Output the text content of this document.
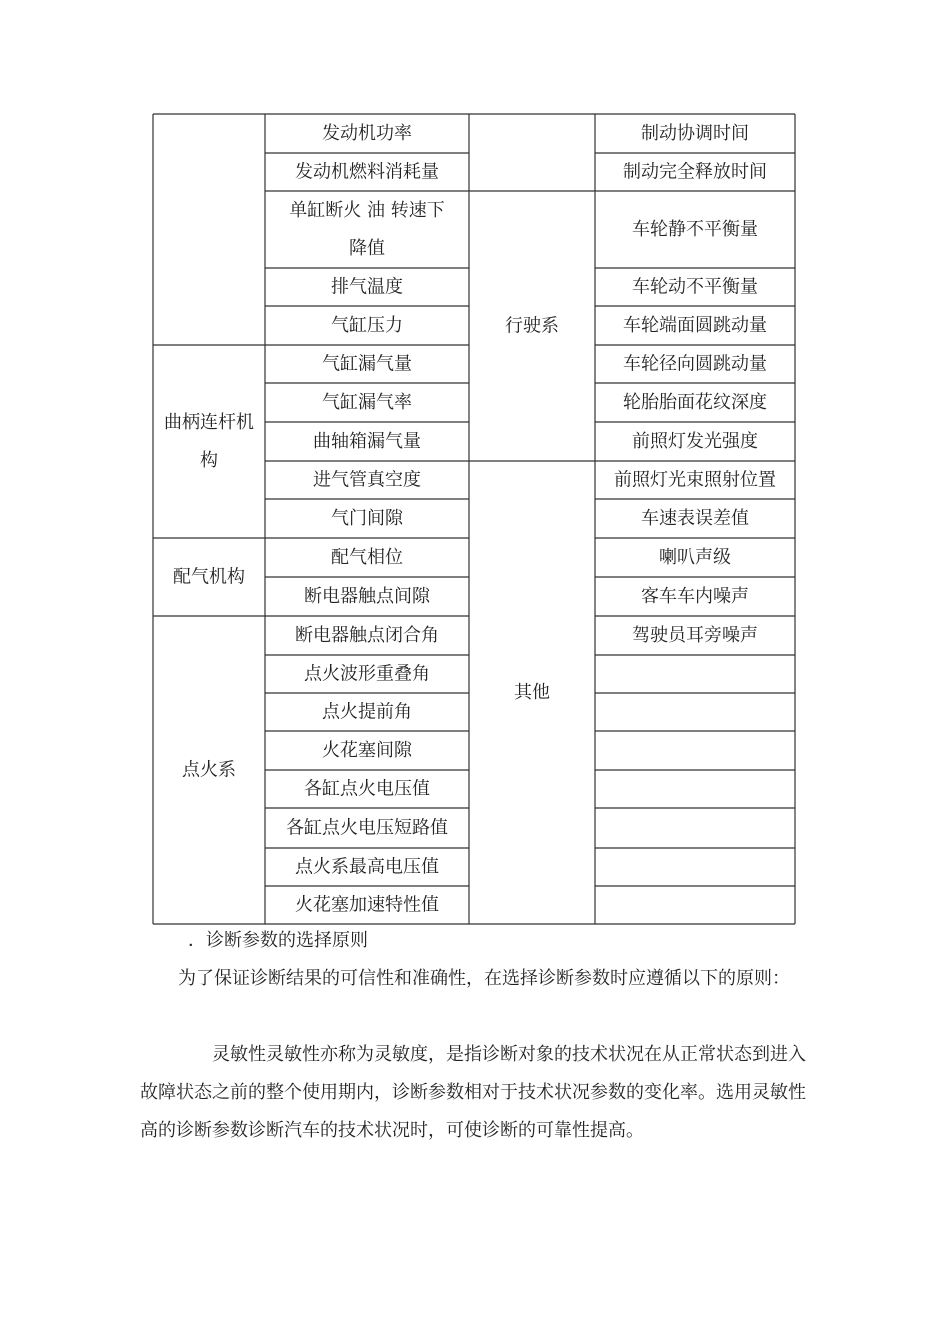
曲柄连杆机
构
配气机构
点火系
行驶系
其他
发动机功率
发动机燃料消耗量
单缸断火 油 转速下
降值
排气温度
气缸压力
气缸漏气量
气缸漏气率
曲轴箱漏气量
进气管真空度
气门间隙
配气相位
断电器触点间隙
断电器触点闭合角
点火波形重叠角
点火提前角
火花塞间隙
各缸点火电压值
各缸点火电压短路值
点火系最高电压值
火花塞加速特性值
制动协调时间
制动完全释放时间
车轮静不平衡量
车轮动不平衡量
车轮端面圆跳动量
车轮径向圆跳动量
轮胎胎面花纹深度
前照灯发光强度
前照灯光束照射位置
车速表误差值
喇叭声级
客车车内噪声
驾驶员耳旁噪声

．诊断参数的选择原则

为了保证诊断结果的可信性和准确性，在选择诊断参数时应遵循以下的原则：

灵敏性灵敏性亦称为灵敏度，是指诊断对象的技术状况在从正常状态到进入故障状态之前的整个使用期内，诊断参数相对于技术状况参数的变化率。选用灵敏性高的诊断参数诊断汽车的技术状况时，可使诊断的可靠性提高。
